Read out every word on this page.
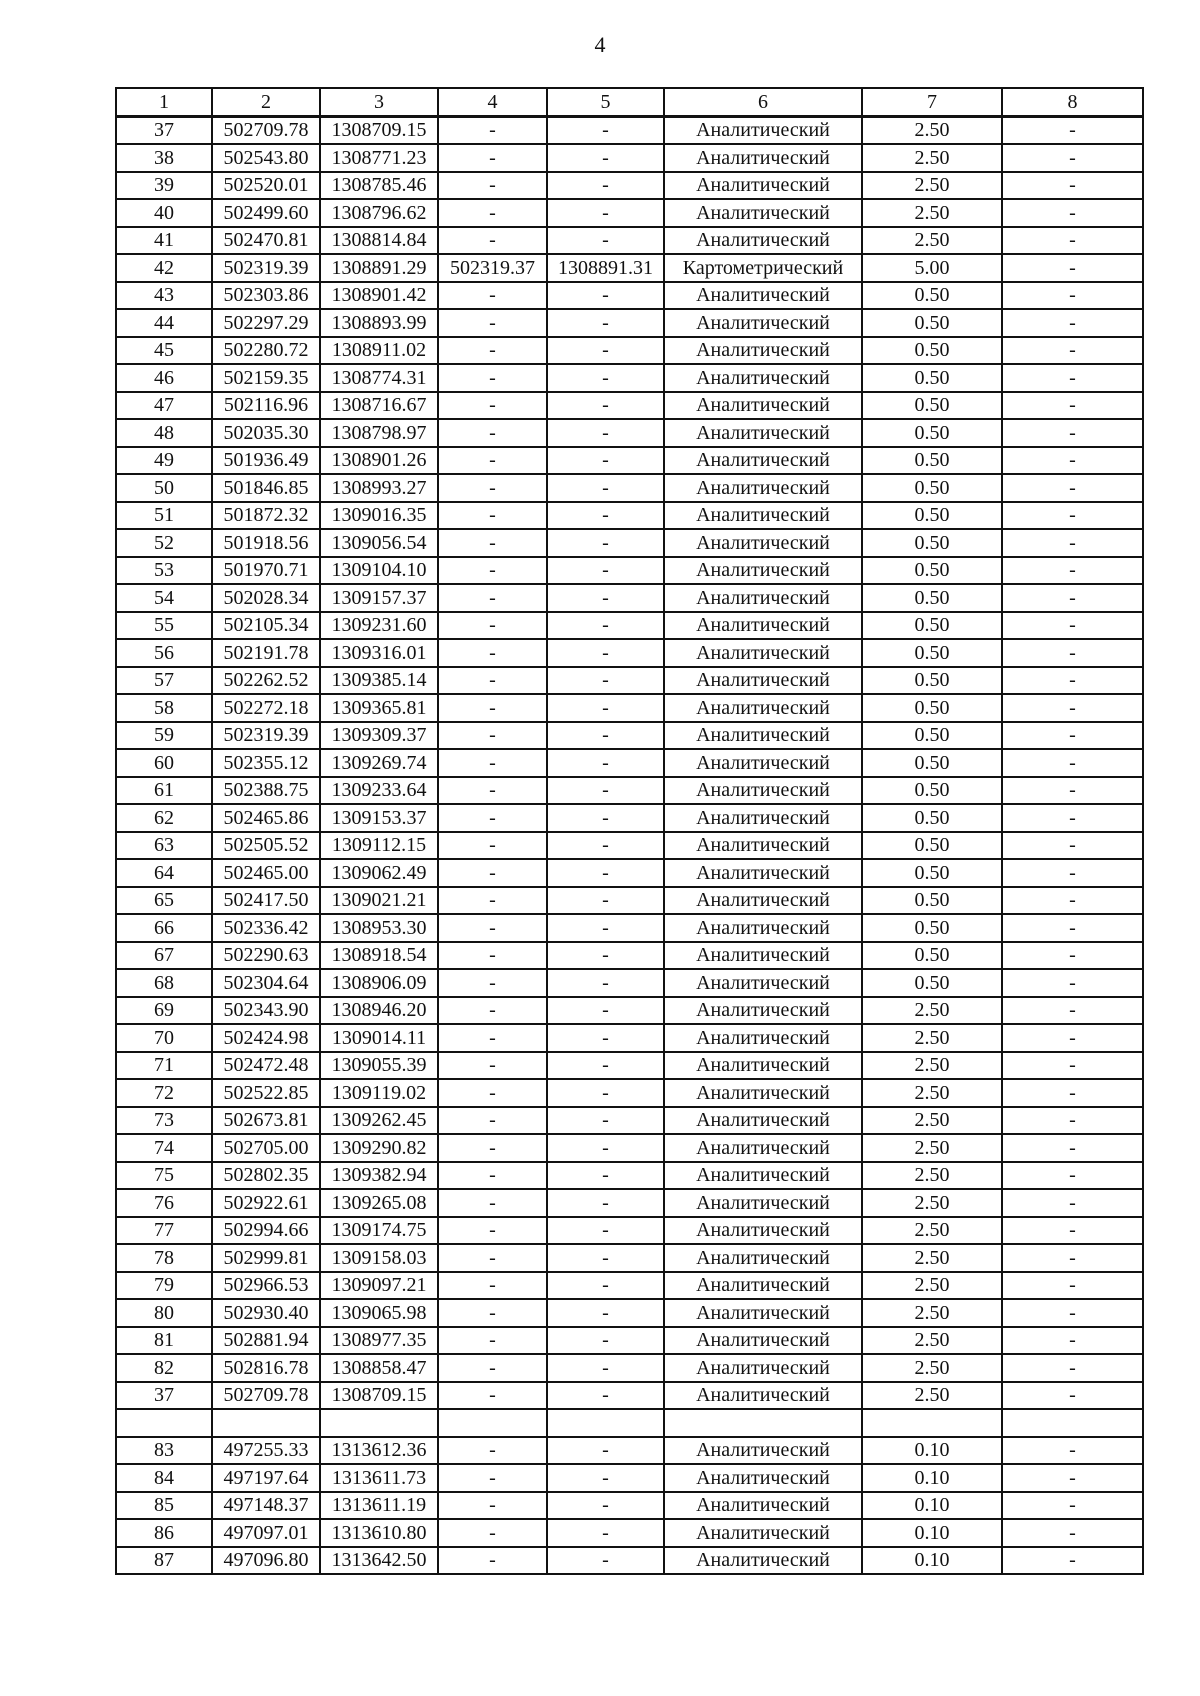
4
1	2	3	4	5	6	7	8
37	502709.78	1308709.15	-	-	Аналитический	2.50	-
38	502543.80	1308771.23	-	-	Аналитический	2.50	-
39	502520.01	1308785.46	-	-	Аналитический	2.50	-
40	502499.60	1308796.62	-	-	Аналитический	2.50	-
41	502470.81	1308814.84	-	-	Аналитический	2.50	-
42	502319.39	1308891.29	502319.37	1308891.31	Картометрический	5.00	-
43	502303.86	1308901.42	-	-	Аналитический	0.50	-
44	502297.29	1308893.99	-	-	Аналитический	0.50	-
45	502280.72	1308911.02	-	-	Аналитический	0.50	-
46	502159.35	1308774.31	-	-	Аналитический	0.50	-
47	502116.96	1308716.67	-	-	Аналитический	0.50	-
48	502035.30	1308798.97	-	-	Аналитический	0.50	-
49	501936.49	1308901.26	-	-	Аналитический	0.50	-
50	501846.85	1308993.27	-	-	Аналитический	0.50	-
51	501872.32	1309016.35	-	-	Аналитический	0.50	-
52	501918.56	1309056.54	-	-	Аналитический	0.50	-
53	501970.71	1309104.10	-	-	Аналитический	0.50	-
54	502028.34	1309157.37	-	-	Аналитический	0.50	-
55	502105.34	1309231.60	-	-	Аналитический	0.50	-
56	502191.78	1309316.01	-	-	Аналитический	0.50	-
57	502262.52	1309385.14	-	-	Аналитический	0.50	-
58	502272.18	1309365.81	-	-	Аналитический	0.50	-
59	502319.39	1309309.37	-	-	Аналитический	0.50	-
60	502355.12	1309269.74	-	-	Аналитический	0.50	-
61	502388.75	1309233.64	-	-	Аналитический	0.50	-
62	502465.86	1309153.37	-	-	Аналитический	0.50	-
63	502505.52	1309112.15	-	-	Аналитический	0.50	-
64	502465.00	1309062.49	-	-	Аналитический	0.50	-
65	502417.50	1309021.21	-	-	Аналитический	0.50	-
66	502336.42	1308953.30	-	-	Аналитический	0.50	-
67	502290.63	1308918.54	-	-	Аналитический	0.50	-
68	502304.64	1308906.09	-	-	Аналитический	0.50	-
69	502343.90	1308946.20	-	-	Аналитический	2.50	-
70	502424.98	1309014.11	-	-	Аналитический	2.50	-
71	502472.48	1309055.39	-	-	Аналитический	2.50	-
72	502522.85	1309119.02	-	-	Аналитический	2.50	-
73	502673.81	1309262.45	-	-	Аналитический	2.50	-
74	502705.00	1309290.82	-	-	Аналитический	2.50	-
75	502802.35	1309382.94	-	-	Аналитический	2.50	-
76	502922.61	1309265.08	-	-	Аналитический	2.50	-
77	502994.66	1309174.75	-	-	Аналитический	2.50	-
78	502999.81	1309158.03	-	-	Аналитический	2.50	-
79	502966.53	1309097.21	-	-	Аналитический	2.50	-
80	502930.40	1309065.98	-	-	Аналитический	2.50	-
81	502881.94	1308977.35	-	-	Аналитический	2.50	-
82	502816.78	1308858.47	-	-	Аналитический	2.50	-
37	502709.78	1308709.15	-	-	Аналитический	2.50	-

83	497255.33	1313612.36	-	-	Аналитический	0.10	-
84	497197.64	1313611.73	-	-	Аналитический	0.10	-
85	497148.37	1313611.19	-	-	Аналитический	0.10	-
86	497097.01	1313610.80	-	-	Аналитический	0.10	-
87	497096.80	1313642.50	-	-	Аналитический	0.10	-
